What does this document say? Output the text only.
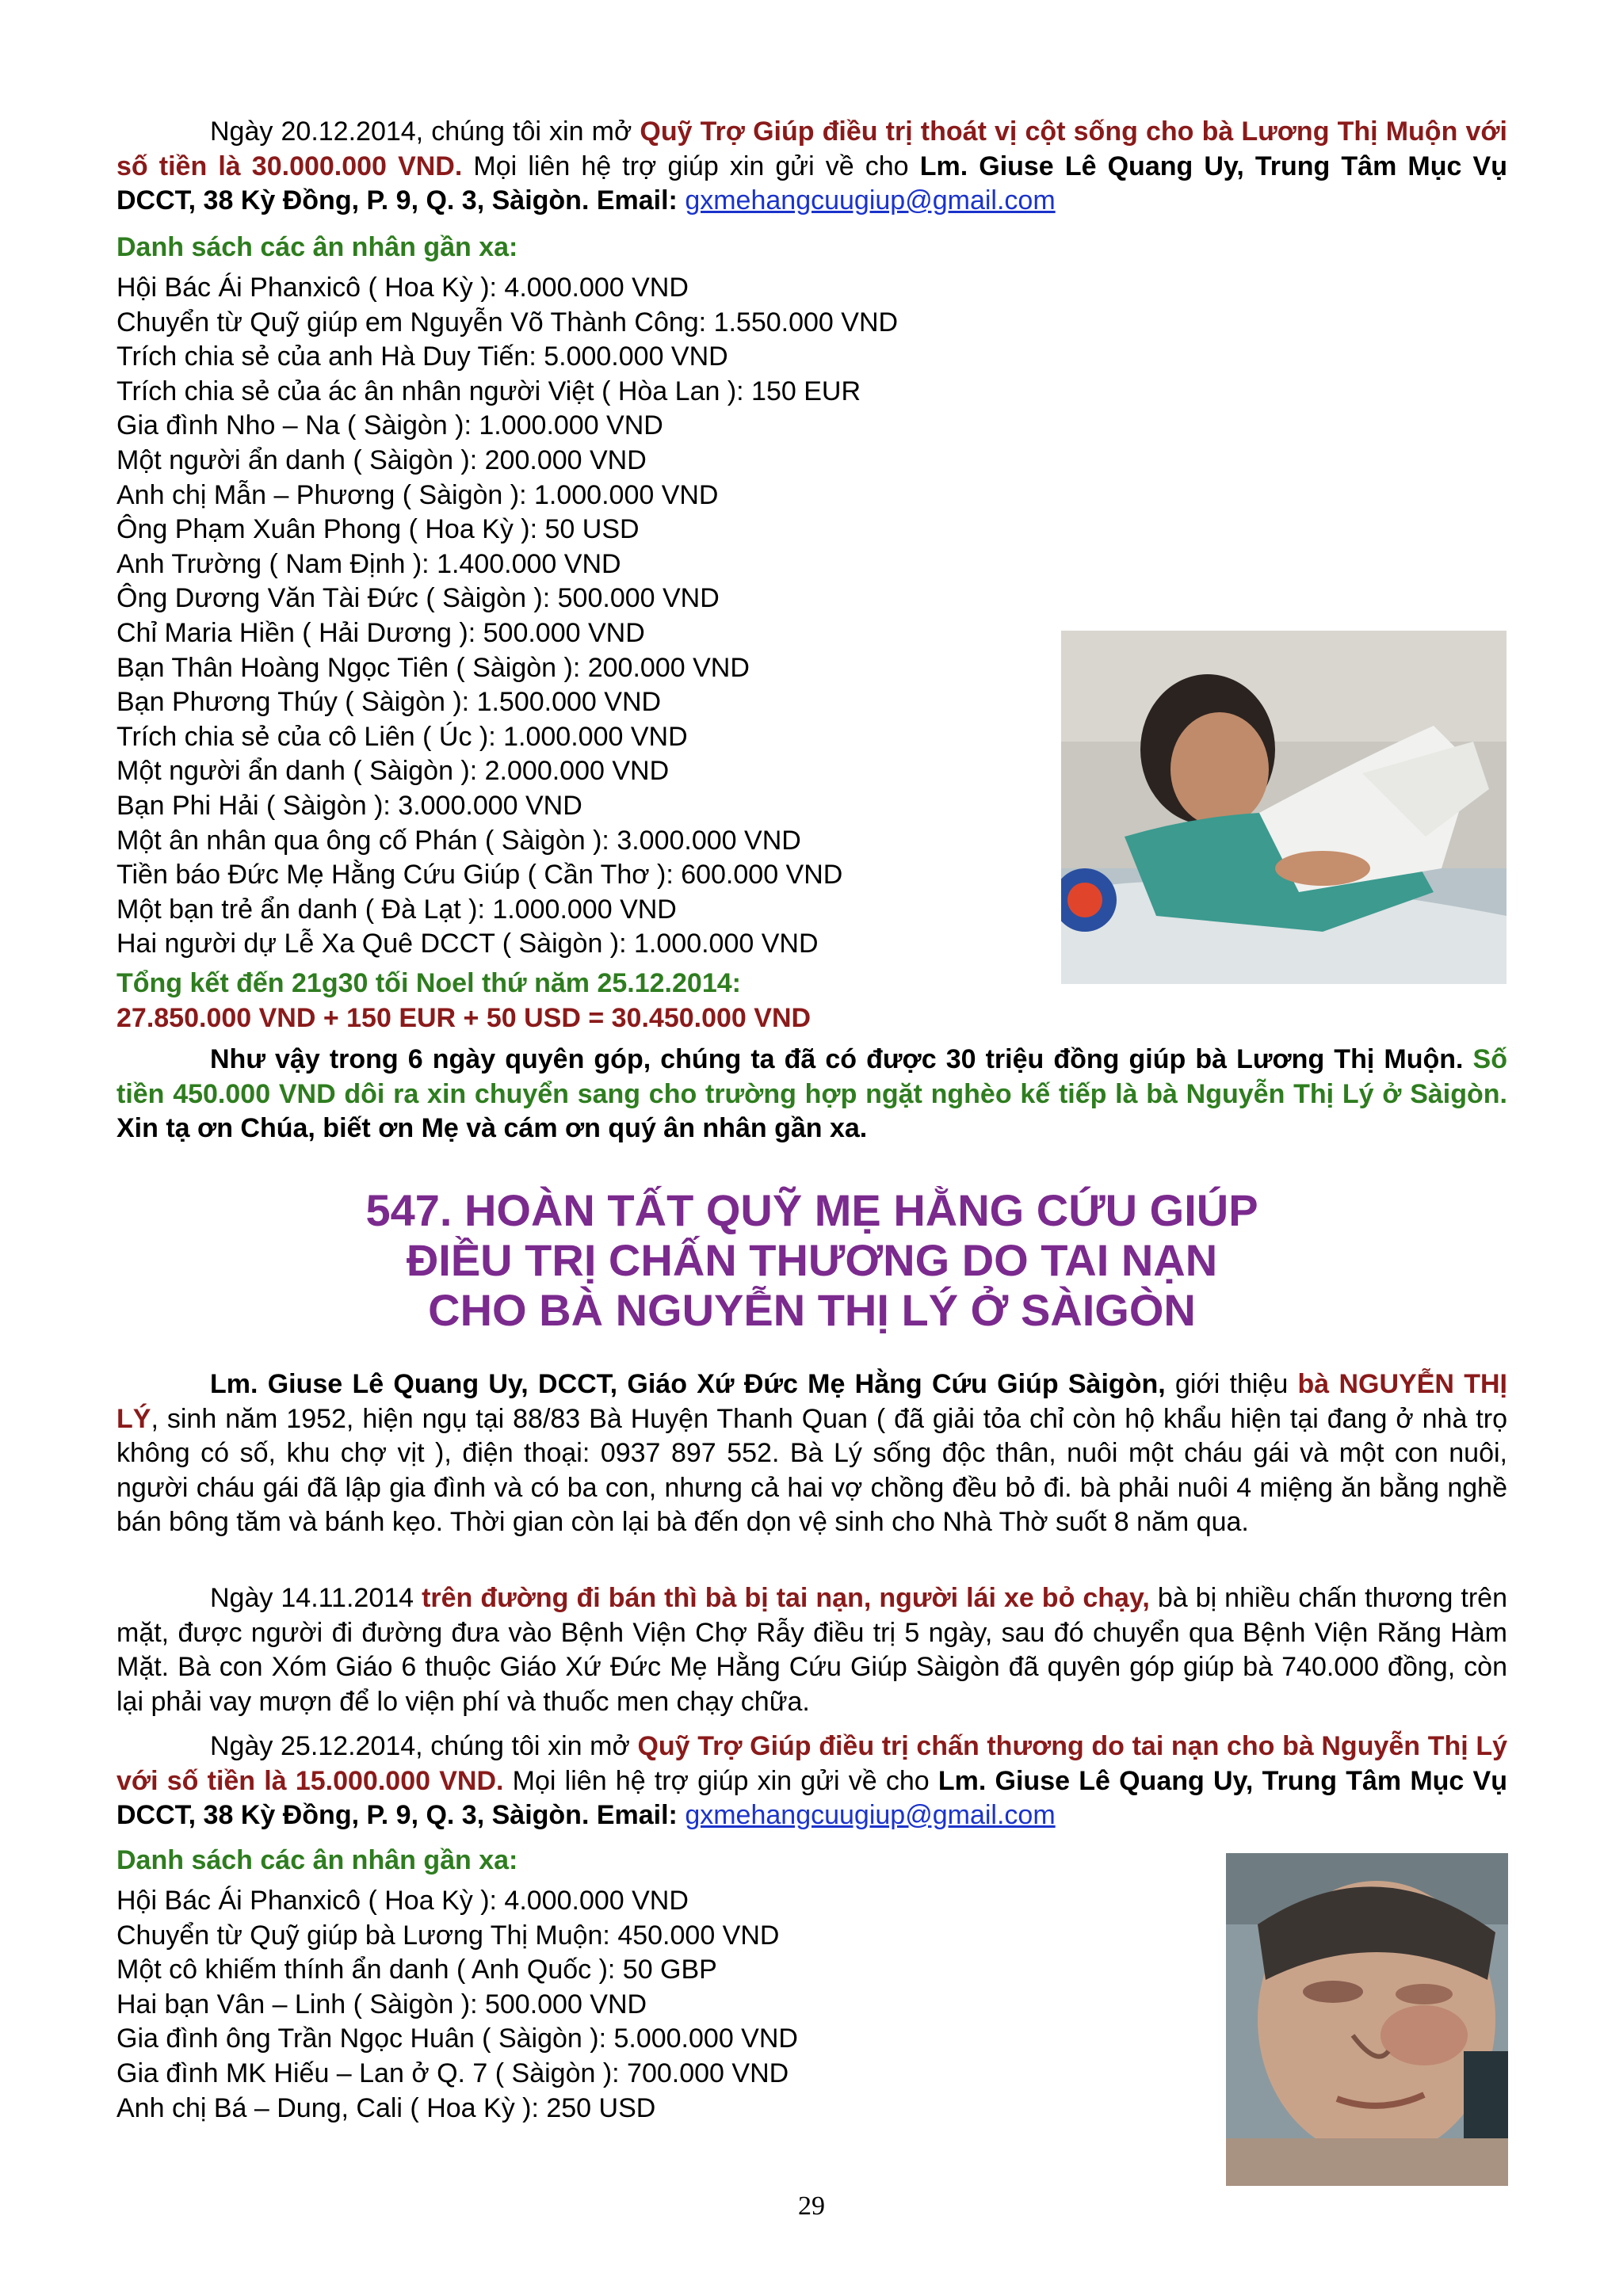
Ngày 20.12.2014, chúng tôi xin mở Quỹ Trợ Giúp điều trị thoát vị cột sống cho bà Lương Thị Muộn với số tiền là 30.000.000 VND. Mọi liên hệ trợ giúp xin gửi về cho Lm. Giuse Lê Quang Uy, Trung Tâm Mục Vụ DCCT, 38 Kỳ Đồng, P. 9, Q. 3, Sàigòn. Email: gxmehangcuugiup@gmail.com

Danh sách các ân nhân gần xa:
Hội Bác Ái Phanxicô ( Hoa Kỳ ): 4.000.000 VND
Chuyển từ Quỹ giúp em Nguyễn Võ Thành Công: 1.550.000 VND
Trích chia sẻ của anh Hà Duy Tiến: 5.000.000 VND
Trích chia sẻ của ác ân nhân người Việt ( Hòa Lan ): 150 EUR
Gia đình Nho – Na ( Sàigòn ): 1.000.000 VND
Một người ẩn danh ( Sàigòn ): 200.000 VND
Anh chị Mẫn – Phương ( Sàigòn ): 1.000.000 VND
Ông Phạm Xuân Phong ( Hoa Kỳ ): 50 USD
Anh Trường ( Nam Định ): 1.400.000 VND
Ông Dương Văn Tài Đức ( Sàigòn ): 500.000 VND
Chỉ Maria Hiền ( Hải Dương ): 500.000 VND
Bạn Thân Hoàng Ngọc Tiên ( Sàigòn ): 200.000 VND
Bạn Phương Thúy ( Sàigòn ): 1.500.000 VND
Trích chia sẻ của cô Liên ( Úc ): 1.000.000 VND
Một người ẩn danh ( Sàigòn ): 2.000.000 VND
Bạn Phi Hải ( Sàigòn ): 3.000.000 VND
Một ân nhân qua ông cố Phán ( Sàigòn ): 3.000.000 VND
Tiền báo Đức Mẹ Hằng Cứu Giúp ( Cần Thơ ): 600.000 VND
Một bạn trẻ ẩn danh ( Đà Lạt ): 1.000.000 VND
Hai người dự Lễ Xa Quê DCCT ( Sàigòn ): 1.000.000 VND
Tổng kết đến 21g30 tối Noel thứ năm 25.12.2014:
27.850.000 VND + 150 EUR + 50 USD = 30.450.000 VND

Như vậy trong 6 ngày quyên góp, chúng ta đã có được 30 triệu đồng giúp bà Lương Thị Muộn. Số tiền 450.000 VND dôi ra xin chuyển sang cho trường hợp ngặt nghèo kế tiếp là bà Nguyễn Thị Lý ở Sàigòn. Xin tạ ơn Chúa, biết ơn Mẹ và cám ơn quý ân nhân gần xa.

547. HOÀN TẤT QUỸ MẸ HẰNG CỨU GIÚP
ĐIỀU TRỊ CHẤN THƯƠNG DO TAI NẠN
CHO BÀ NGUYỄN THỊ LÝ Ở SÀIGÒN

Lm. Giuse Lê Quang Uy, DCCT, Giáo Xứ Đức Mẹ Hằng Cứu Giúp Sàigòn, giới thiệu bà NGUYỄN THỊ LÝ, sinh năm 1952, hiện ngụ tại 88/83 Bà Huyện Thanh Quan ( đã giải tỏa chỉ còn hộ khẩu hiện tại đang ở nhà trọ không có số, khu chợ vịt ), điện thoại: 0937 897 552. Bà Lý sống độc thân, nuôi một cháu gái và một con nuôi, người cháu gái đã lập gia đình và có ba con, nhưng cả hai vợ chồng đều bỏ đi. bà phải nuôi 4 miệng ăn bằng nghề bán bông tăm và bánh kẹo. Thời gian còn lại bà đến dọn vệ sinh cho Nhà Thờ suốt 8 năm qua.

Ngày 14.11.2014 trên đường đi bán thì bà bị tai nạn, người lái xe bỏ chạy, bà bị nhiều chấn thương trên mặt, được người đi đường đưa vào Bệnh Viện Chợ Rẫy điều trị 5 ngày, sau đó chuyển qua Bệnh Viện Răng Hàm Mặt. Bà con Xóm Giáo 6 thuộc Giáo Xứ Đức Mẹ Hằng Cứu Giúp Sàigòn đã quyên góp giúp bà 740.000 đồng, còn lại phải vay mượn để lo viện phí và thuốc men chạy chữa.

Ngày 25.12.2014, chúng tôi xin mở Quỹ Trợ Giúp điều trị chấn thương do tai nạn cho bà Nguyễn Thị Lý với số tiền là 15.000.000 VND. Mọi liên hệ trợ giúp xin gửi về cho Lm. Giuse Lê Quang Uy, Trung Tâm Mục Vụ DCCT, 38 Kỳ Đồng, P. 9, Q. 3, Sàigòn. Email: gxmehangcuugiup@gmail.com

Danh sách các ân nhân gần xa:
Hội Bác Ái Phanxicô ( Hoa Kỳ ): 4.000.000 VND
Chuyển từ Quỹ giúp bà Lương Thị Muộn: 450.000 VND
Một cô khiếm thính ẩn danh ( Anh Quốc ): 50 GBP
Hai bạn Vân – Linh ( Sàigòn ): 500.000 VND
Gia đình ông Trần Ngọc Huân ( Sàigòn ): 5.000.000 VND
Gia đình MK Hiếu – Lan ở Q. 7 ( Sàigòn ): 700.000 VND
Anh chị Bá – Dung, Cali ( Hoa Kỳ ): 250 USD
29
